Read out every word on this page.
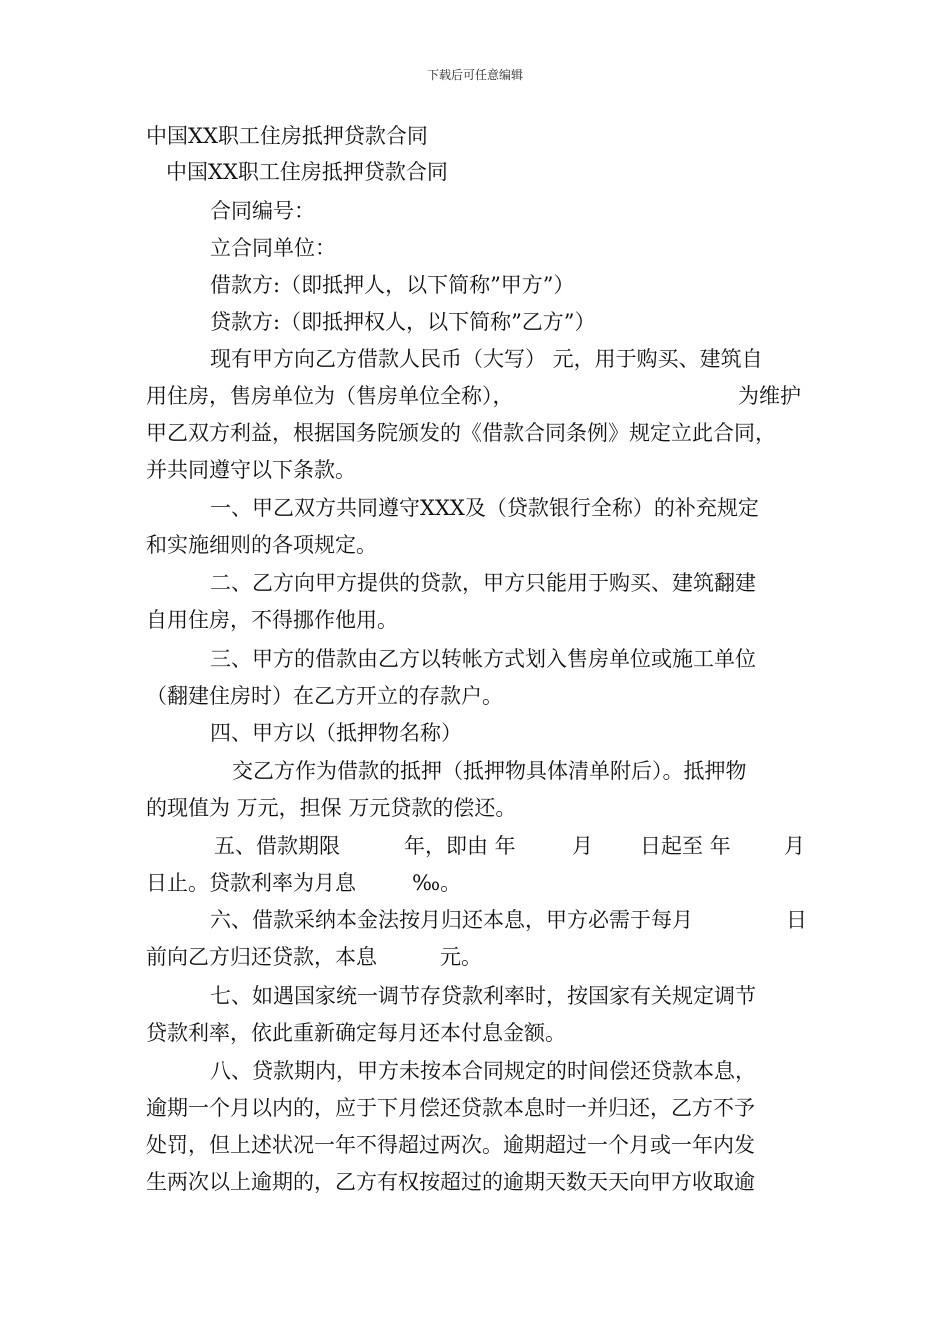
下载后可任意编辑
中国XX职工住房抵押贷款合同
中国XX职工住房抵押贷款合同
合同编号：
立合同单位：
借款方:（即抵押人，以下简称”甲方”）
贷款方:（即抵押权人，以下简称”乙方”）
现有甲方向乙方借款人民币（大写） 元，用于购买、建筑自
用住房，售房单位为（售房单位全称），	为维护
甲乙双方利益，根据国务院颁发的《借款合同条例》规定立此合同，
并共同遵守以下条款。
一、甲乙双方共同遵守XXX及（贷款银行全称）的补充规定
和实施细则的各项规定。
二、乙方向甲方提供的贷款，甲方只能用于购买、建筑翻建
自用住房，不得挪作他用。
三、甲方的借款由乙方以转帐方式划入售房单位或施工单位
（翻建住房时）在乙方开立的存款户。
四、甲方以（抵押物名称）
交乙方作为借款的抵押（抵押物具体清单附后）。抵押物
的现值为 万元，担保 万元贷款的偿还。
五、借款期限	年，即由 年	月 日起至 年	月
日止。贷款利率为月息	‰。
六、借款采纳本金法按月归还本息，甲方必需于每月	日
前向乙方归还贷款，本息	元。
七、如遇国家统一调节存贷款利率时，按国家有关规定调节
贷款利率，依此重新确定每月还本付息金额。
八、贷款期内，甲方未按本合同规定的时间偿还贷款本息，
逾期一个月以内的，应于下月偿还贷款本息时一并归还，乙方不予
处罚，但上述状况一年不得超过两次。逾期超过一个月或一年内发
生两次以上逾期的，乙方有权按超过的逾期天数天天向甲方收取逾
